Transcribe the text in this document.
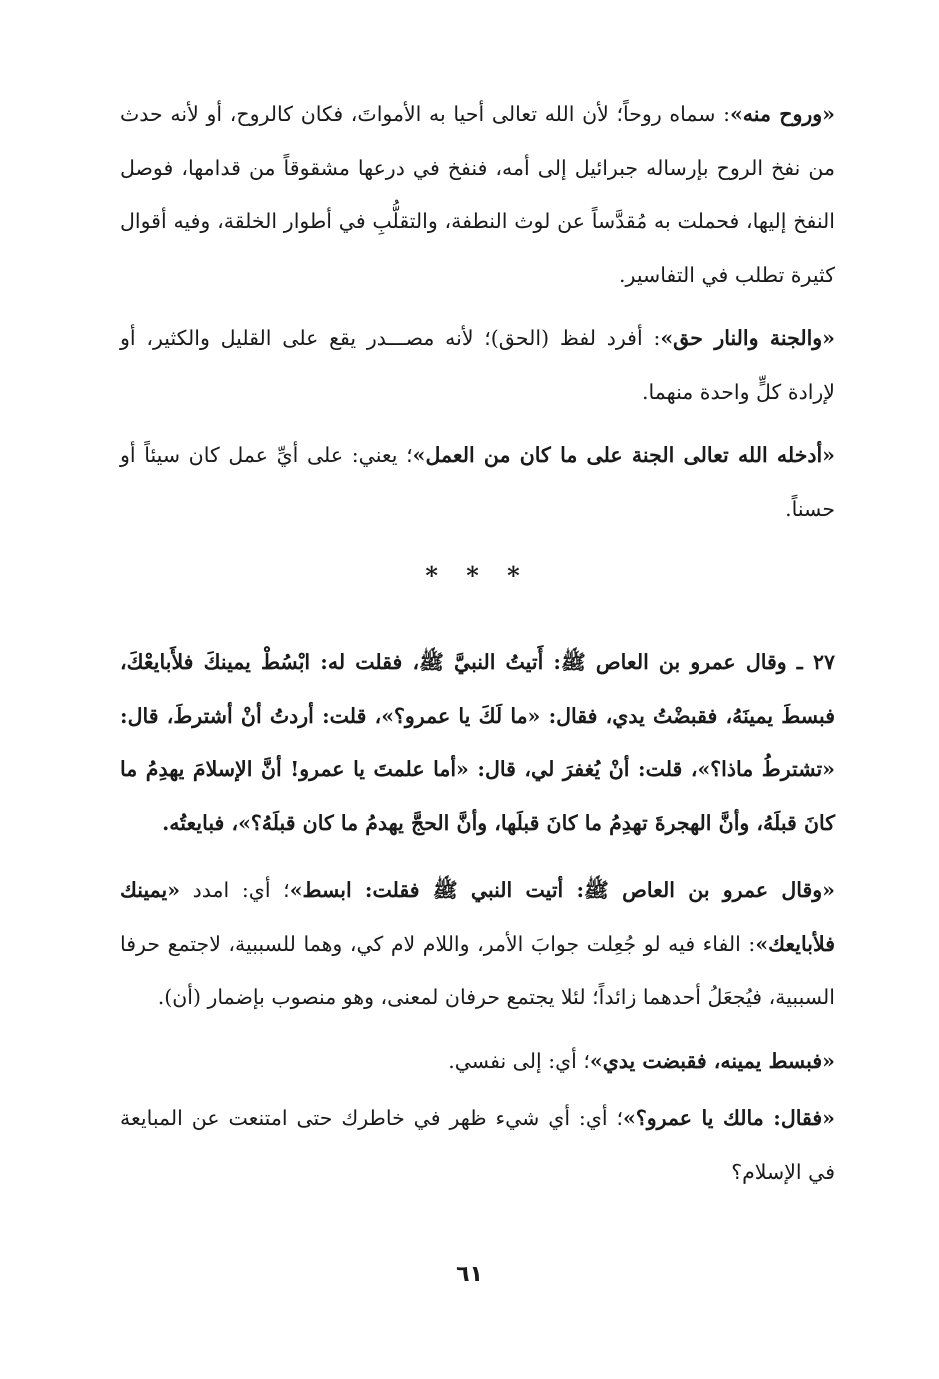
«وروح منه»: سماه روحاً؛ لأن الله تعالى أحيا به الأمواتَ، فكان كالروح، أو لأنه حدث من نفخ الروح بإرساله جبرائيل إلى أمه، فنفخ في درعها مشقوقاً من قدامها، فوصل النفخ إليها، فحملت به مُقدَّساً عن لوث النطفة، والتقلُّبِ في أطوار الخلقة، وفيه أقوال كثيرة تطلب في التفاسير.

«والجنة والنار حق»: أفرد لفظ (الحق)؛ لأنه مصـــدر يقع على القليل والكثير، أو لإرادة كلٍّ واحدة منهما.

«أدخله الله تعالى الجنة على ما كان من العمل»؛ يعني: على أيِّ عمل كان سيئاً أو حسناً.

* * *

٢٧ ـ وقال عمرو بن العاص ﷺ: أَتيتُ النبيَّ ﷺ، فقلت له: ابْسُطْ يمينكَ فلأَبايعْكَ، فبسطَ يمينَهُ، فقبضْتُ يدي، فقال: «ما لَكَ يا عمرو؟»، قلت: أردتُ أنْ أشترطَ، قال: «تشترطُ ماذا؟»، قلت: أنْ يُغفرَ لي، قال: «أما علمتَ يا عمرو! أنَّ الإسلامَ يهدِمُ ما كانَ قبلَهُ، وأنَّ الهجرةَ تهدِمُ ما كانَ قبلَها، وأنَّ الحجَّ يهدمُ ما كان قبلَهُ؟»، فبايعتُه.

«وقال عمرو بن العاص ﷺ: أتيت النبي ﷺ فقلت: ابسط»؛ أي: امدد «يمينك فلأبايعك»: الفاء فيه لو جُعِلت جوابَ الأمر، واللام لام كي، وهما للسببية، لاجتمع حرفا السببية، فيُجعَلُ أحدهما زائداً؛ لئلا يجتمع حرفان لمعنى، وهو منصوب بإضمار (أن).

«فبسط يمينه، فقبضت يدي»؛ أي: إلى نفسي.

«فقال: مالك يا عمرو؟»؛ أي: أي شيء ظهر في خاطرك حتى امتنعت عن المبايعة في الإسلام؟

٦١
